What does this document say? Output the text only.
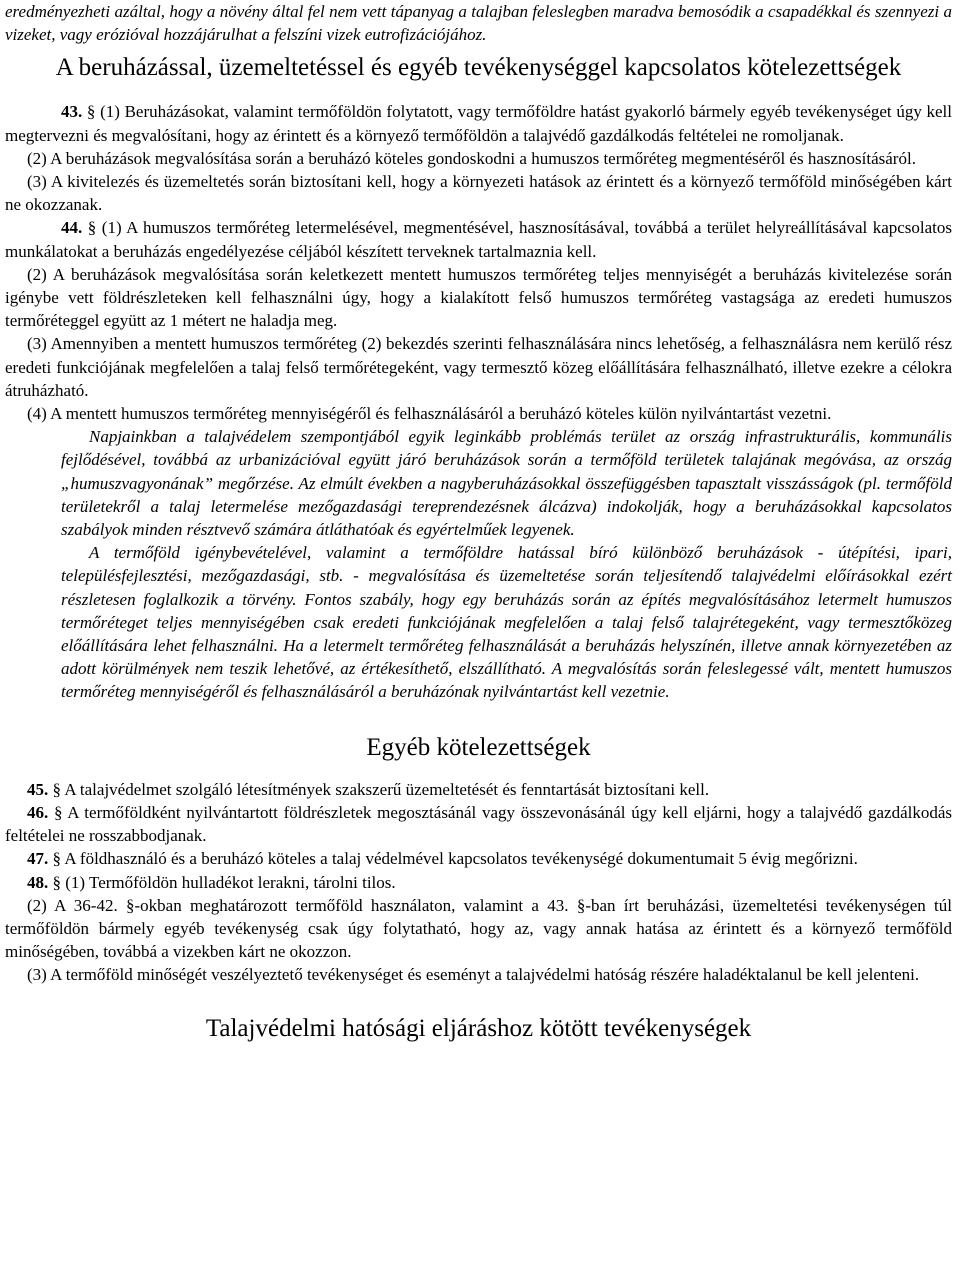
eredményezheti azáltal, hogy a növény által fel nem vett tápanyag a talajban feleslegben maradva bemosódik a csapadékkal és szennyezi a vizeket, vagy erózióval hozzájárulhat a felszíni vizek eutrofizációjához.

A beruházással, üzemeltetéssel és egyéb tevékenységgel kapcsolatos kötelezettségek

43. § (1) Beruházásokat, valamint termőföldön folytatott, vagy termőföldre hatást gyakorló bármely egyéb tevékenységet úgy kell megtervezni és megvalósítani, hogy az érintett és a környező termőföldön a talajvédő gazdálkodás feltételei ne romoljanak.

(2) A beruházások megvalósítása során a beruházó köteles gondoskodni a humuszos termőréteg megmentéséről és hasznosításáról.

(3) A kivitelezés és üzemeltetés során biztosítani kell, hogy a környezeti hatások az érintett és a környező termőföld minőségében kárt ne okozzanak.

44. § (1) A humuszos termőréteg letermelésével, megmentésével, hasznosításával, továbbá a terület helyreállításával kapcsolatos munkálatokat a beruházás engedélyezése céljából készített terveknek tartalmaznia kell.

(2) A beruházások megvalósítása során keletkezett mentett humuszos termőréteg teljes mennyiségét a beruházás kivitelezése során igénybe vett földrészleteken kell felhasználni úgy, hogy a kialakított felső humuszos termőréteg vastagsága az eredeti humuszos termőréteggel együtt az 1 métert ne haladja meg.

(3) Amennyiben a mentett humuszos termőréteg (2) bekezdés szerinti felhasználására nincs lehetőség, a felhasználásra nem kerülő rész eredeti funkciójának megfelelően a talaj felső termőrétegeként, vagy termesztő közeg előállítására felhasználható, illetve ezekre a célokra átruházható.

(4) A mentett humuszos termőréteg mennyiségéről és felhasználásáról a beruházó köteles külön nyilvántartást vezetni.

Napjainkban a talajvédelem szempontjából egyik leginkább problémás terület az ország infrastrukturális, kommunális fejlődésével, továbbá az urbanizációval együtt járó beruházások során a termőföld területek talajának megóvása, az ország „humuszvagyonának” megőrzése. Az elmúlt években a nagyberuházásokkal összefüggésben tapasztalt visszásságok (pl. termőföld területekről a talaj letermelése mezőgazdasági tereprendezésnek álcázva) indokolják, hogy a beruházásokkal kapcsolatos szabályok minden résztvevő számára átláthatóak és egyértelműek legyenek.

A termőföld igénybevételével, valamint a termőföldre hatással bíró különböző beruházások - útépítési, ipari, településfejlesztési, mezőgazdasági, stb. - megvalósítása és üzemeltetése során teljesítendő talajvédelmi előírásokkal ezért részletesen foglalkozik a törvény. Fontos szabály, hogy egy beruházás során az építés megvalósításához letermelt humuszos termőréteget teljes mennyiségében csak eredeti funkciójának megfelelően a talaj felső talajrétegeként, vagy termesztőközeg előállítására lehet felhasználni. Ha a letermelt termőréteg felhasználását a beruházás helyszínén, illetve annak környezetében az adott körülmények nem teszik lehetővé, az értékesíthető, elszállítható. A megvalósítás során feleslegessé vált, mentett humuszos termőréteg mennyiségéről és felhasználásáról a beruházónak nyilvántartást kell vezetnie.

Egyéb kötelezettségek

45. § A talajvédelmet szolgáló létesítmények szakszerű üzemeltetését és fenntartását biztosítani kell.

46. § A termőföldként nyilvántartott földrészletek megosztásánál vagy összevonásánál úgy kell eljárni, hogy a talajvédő gazdálkodás feltételei ne rosszabbodjanak.

47. § A földhasználó és a beruházó köteles a talaj védelmével kapcsolatos tevékenységé dokumentumait 5 évig megőrizni.

48. § (1) Termőföldön hulladékot lerakni, tárolni tilos.

(2) A 36-42. §-okban meghatározott termőföld használaton, valamint a 43. §-ban írt beruházási, üzemeltetési tevékenységen túl termőföldön bármely egyéb tevékenység csak úgy folytatható, hogy az, vagy annak hatása az érintett és a környező termőföld minőségében, továbbá a vizekben kárt ne okozzon.

(3) A termőföld minőségét veszélyeztető tevékenységet és eseményt a talajvédelmi hatóság részére haladéktalanul be kell jelenteni.

Talajvédelmi hatósági eljáráshoz kötött tevékenységek
